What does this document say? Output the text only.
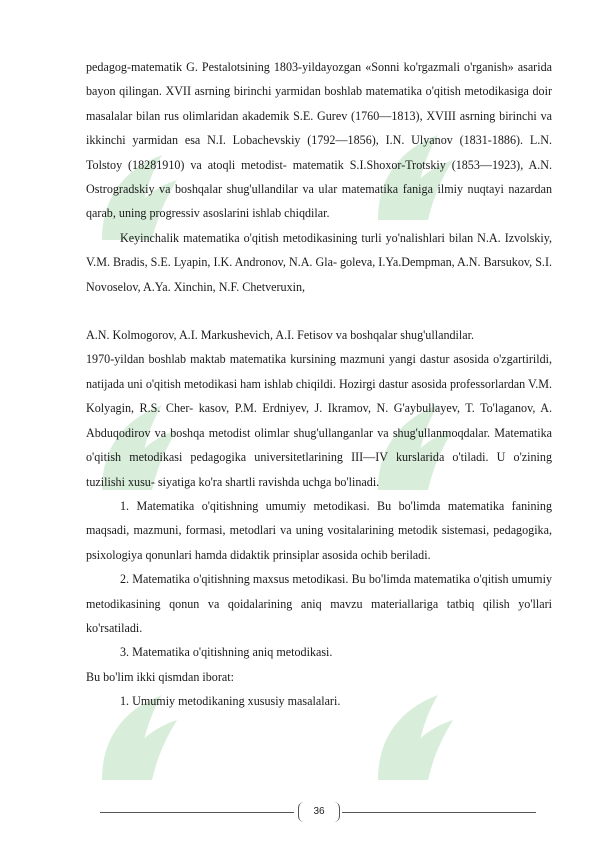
pedagog-matematik G. Pestalotsining 1803-yildayozgan «Sonni ko'rgazmali o'rganish» asarida bayon qilingan. XVII asrning birinchi yarmidan boshlab matematika o'qitish metodikasiga doir masalalar bilan rus olimlaridan akademik S.E. Gurev (1760—1813), XVIII asrning birinchi va ikkinchi yarmidan esa N.I. Lobachevskiy (1792—1856), I.N. Ulyanov (1831-1886). L.N. Tolstoy (18281910) va atoqli metodist- matematik S.I.Shoxor-Trotskiy (1853—1923), A.N. Ostrogradskiy va boshqalar shug'ullandilar va ular matematika faniga ilmiy nuqtayi nazardan qarab, uning progressiv asoslarini ishlab chiqdilar.

Keyinchalik matematika o'qitish metodikasining turli yo'nalishlari bilan N.A. Izvolskiy, V.M. Bradis, S.E. Lyapin, I.K. Andronov, N.A. Gla- goleva, I.Ya.Dempman, A.N. Barsukov, S.I. Novoselov, A.Ya. Xinchin, N.F. Chetveruxin,

A.N. Kolmogorov, A.I. Markushevich, A.I. Fetisov va boshqalar shug'ullandilar.

1970-yildan boshlab maktab matematika kursining mazmuni yangi dastur asosida o'zgartirildi, natijada uni o'qitish metodikasi ham ishlab chiqildi. Hozirgi dastur asosida professorlardan V.M. Kolyagin, R.S. Cher- kasov, P.M. Erdniyev, J. Ikramov, N. G'aybullayev, T. To'laganov, A. Abduqodirov va boshqa metodist olimlar shug'ullanganlar va shug'ullanmoqdalar. Matematika o'qitish metodikasi pedagogika universitetlarining III—IV kurslarida o'tiladi. U o'zining tuzilishi xusu- siyatiga ko'ra shartli ravishda uchga bo'linadi.

1. Matematika o'qitishning umumiy metodikasi. Bu bo'limda matematika fanining maqsadi, mazmuni, formasi, metodlari va uning vositalarining metodik sistemasi, pedagogika, psixologiya qonunlari hamda didaktik prinsiplar asosida ochib beriladi.

2. Matematika o'qitishning maxsus metodikasi. Bu bo'limda matematika o'qitish umumiy metodikasining qonun va qoidalarining aniq mavzu materiallariga tatbiq qilish yo'llari ko'rsatiladi.

3. Matematika o'qitishning aniq metodikasi.

Bu bo'lim ikki qismdan iborat:

1. Umumiy metodikaning xususiy masalalari.

36
